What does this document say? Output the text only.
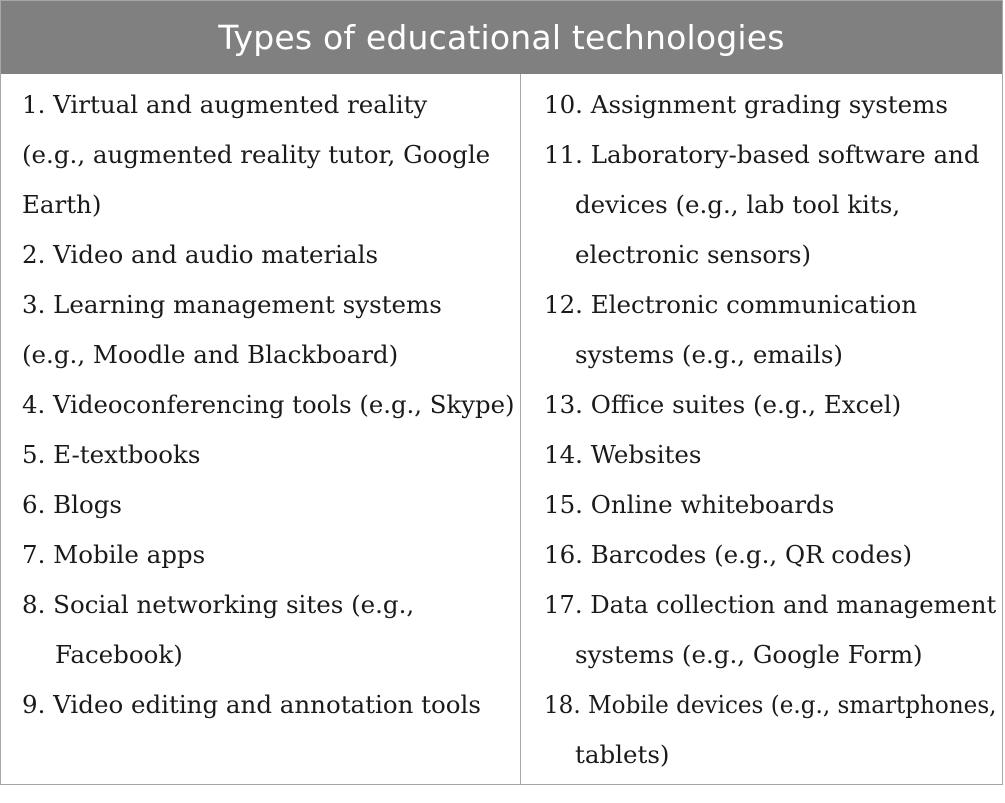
Types of educational technologies
1. Virtual and augmented reality
(e.g., augmented reality tutor, Google
Earth)
2. Video and audio materials
3. Learning management systems
(e.g., Moodle and Blackboard)
4. Videoconferencing tools (e.g., Skype)
5. E-textbooks
6. Blogs
7. Mobile apps
8. Social networking sites (e.g.,
Facebook)
9. Video editing and annotation tools
10. Assignment grading systems
11. Laboratory-based software and
devices (e.g., lab tool kits,
electronic sensors)
12. Electronic communication
systems (e.g., emails)
13. Office suites (e.g., Excel)
14. Websites
15. Online whiteboards
16. Barcodes (e.g., QR codes)
17. Data collection and management
systems (e.g., Google Form)
18. Mobile devices (e.g., smartphones,
tablets)
